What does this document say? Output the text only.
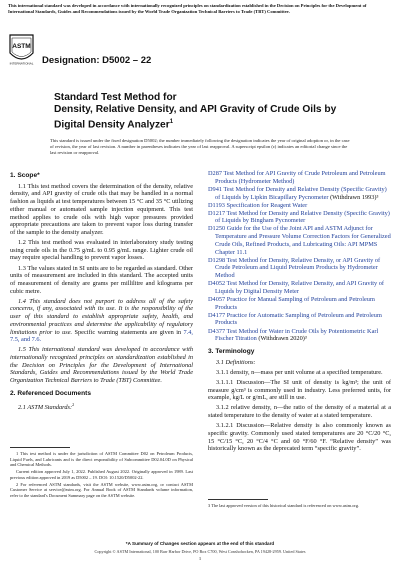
This international standard was developed in accordance with internationally recognized principles on standardization established in the Decision on Principles for the Development of International Standards, Guides and Recommendations issued by the World Trade Organization Technical Barriers to Trade (TBT) Committee.
ASTM
INTERNATIONAL Designation: D5002 – 22
Standard Test Method for
Density, Relative Density, and API Gravity of Crude Oils by Digital Density Analyzer$^1$
This standard is issued under the fixed designation D5002; the number immediately following the designation indicates the year of original adoption or, in the case of revision, the year of last revision. A number in parentheses indicates the year of last reapproval. A superscript epsilon (ε) indicates an editorial change since the last revision or reapproval.
1. Scope*
1.1 This test method covers the determination of the density, relative density, and API gravity of crude oils that may be handled in a normal fashion as liquids at test temperatures between 15 °C and 35 °C utilizing either manual or automated sample injection equipment. This test method applies to crude oils with high vapor pressures provided appropriate precautions are taken to prevent vapor loss during transfer of the sample to the density analyzer.
1.2 This test method was evaluated in interlaboratory study testing using crude oils in the 0.75 g/mL to 0.95 g/mL range. Lighter crude oil may require special handling to prevent vapor losses.
1.3 The values stated in SI units are to be regarded as standard. Other units of measurement are included in this standard. The accepted units of measurement of density are grams per millilitre and kilograms per cubic metre.
1.4 This standard does not purport to address all of the safety concerns, if any, associated with its use. It is the responsibility of the user of this standard to establish appropriate safety, health, and environmental practices and determine the applicability of regulatory limitations prior to use. Specific warning statements are given in 7.4, 7.5, and 7.6.
1.5 This international standard was developed in accordance with internationally recognized principles on standardization established in the Decision on Principles for the Development of International Standards, Guides and Recommendations issued by the World Trade Organization Technical Barriers to Trade (TBT) Committee.
2. Referenced Documents
2.1 ASTM Standards:$^2$
1 This test method is under the jurisdiction of ASTM Committee D02 on Petroleum Products, Liquid Fuels, and Lubricants and is the direct responsibility of Subcommittee D02.04.0D on Physical and Chemical Methods.
Current edition approved July 1, 2022. Published August 2022. Originally approved in 1989. Last previous edition approved in 2019 as D5002 – 19. DOI: 10.1520/D5002-22.
2 For referenced ASTM standards, visit the ASTM website, www.astm.org, or contact ASTM Customer Service at service@astm.org. For Annual Book of ASTM Standards volume information, refer to the standard's Document Summary page on the ASTM website.
D287 Test Method for API Gravity of Crude Petroleum and Petroleum Products (Hydrometer Method)
D941 Test Method for Density and Relative Density (Specific Gravity) of Liquids by Lipkin Bicapillary Pycnometer (Withdrawn 1993)³
D1193 Specification for Reagent Water
D1217 Test Method for Density and Relative Density (Specific Gravity) of Liquids by Bingham Pycnometer
D1250 Guide for the Use of the Joint API and ASTM Adjunct for Temperature and Pressure Volume Correction Factors for Generalized Crude Oils, Refined Products, and Lubricating Oils: API MPMS Chapter 11.1
D1298 Test Method for Density, Relative Density, or API Gravity of Crude Petroleum and Liquid Petroleum Products by Hydrometer Method
D4052 Test Method for Density, Relative Density, and API Gravity of Liquids by Digital Density Meter
D4057 Practice for Manual Sampling of Petroleum and Petroleum Products
D4177 Practice for Automatic Sampling of Petroleum and Petroleum Products
D4377 Test Method for Water in Crude Oils by Potentiometric Karl Fischer Titration (Withdrawn 2020)³
3. Terminology
3.1 Definitions:
3.1.1 density, n—mass per unit volume at a specified temperature.
3.1.1.1 Discussion—The SI unit of density is kg/m³; the unit of measure g/cm³ is commonly used in industry. Less preferred units, for example, kg/L or g/mL, are still in use.
3.1.2 relative density, n—the ratio of the density of a material at a stated temperature to the density of water at a stated temperature.
3.1.2.1 Discussion—Relative density is also commonly known as specific gravity. Commonly used stated temperatures are 20 °C/20 °C, 15 °C/15 °C, 20 °C/4 °C and 60 °F/60 °F. “Relative density” was historically known as the deprecated term “specific gravity”.
3 The last approved version of this historical standard is referenced on www.astm.org.
*A Summary of Changes section appears at the end of this standard
Copyright © ASTM International, 100 Barr Harbor Drive, PO Box C700, West Conshohocken, PA 19428-2959. United States
1
